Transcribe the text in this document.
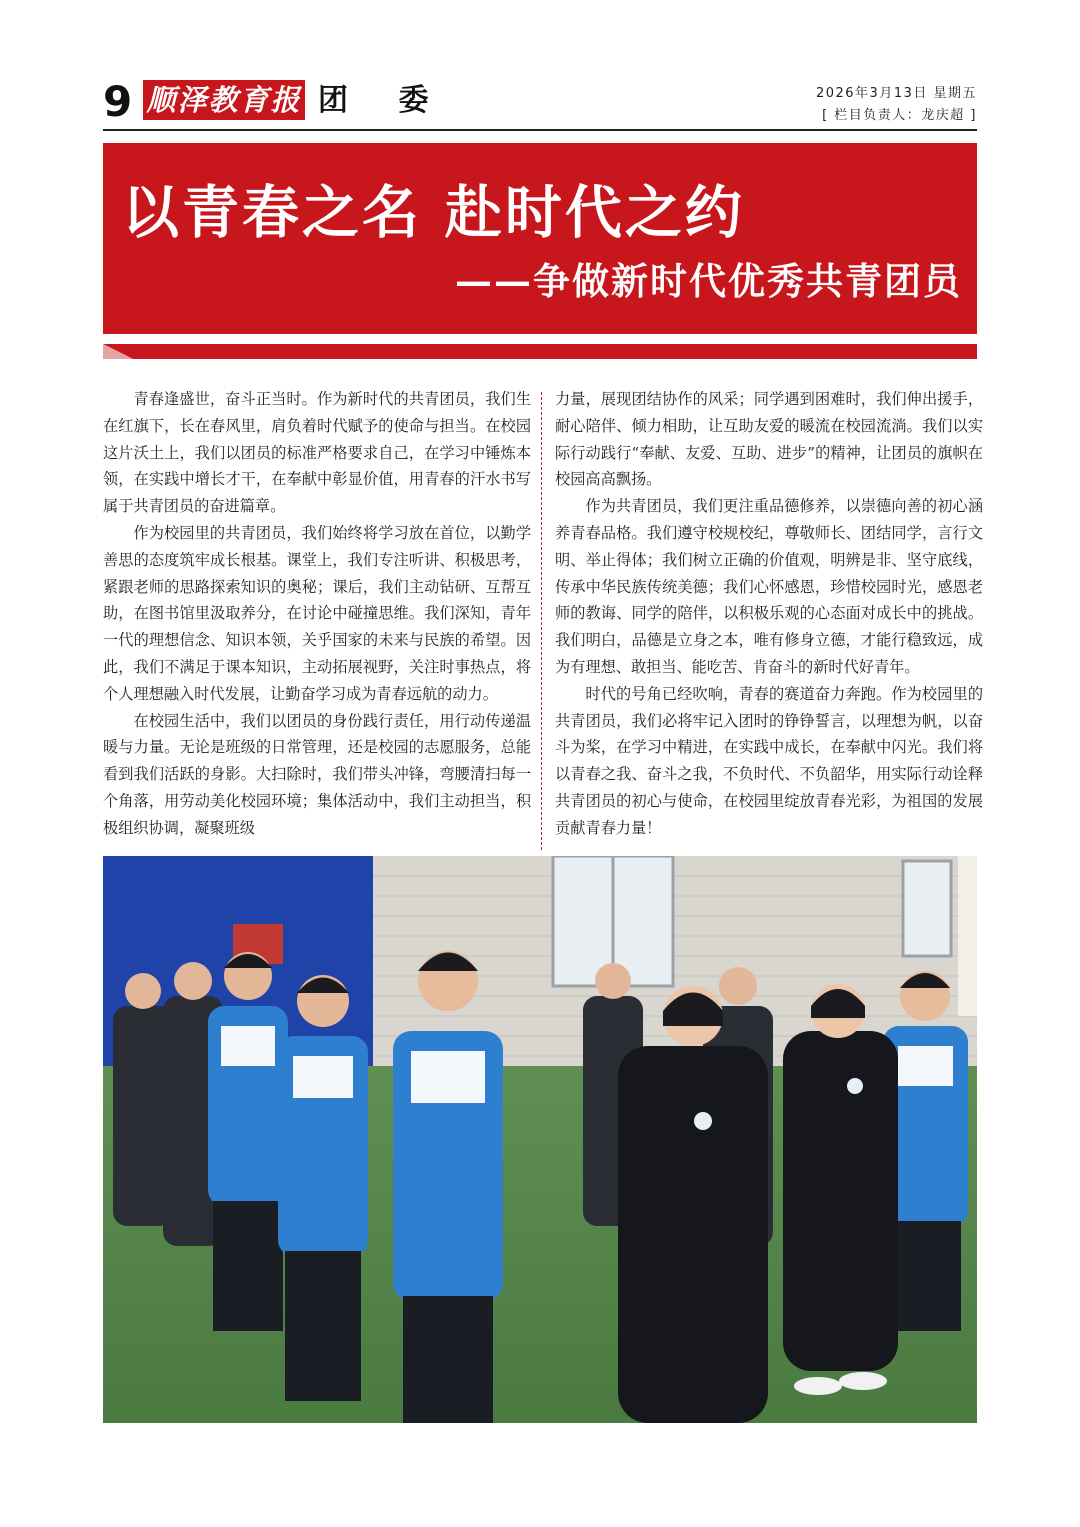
9 顺泽教育报 团 委	2026年3月13日 星期五
[ 栏目负责人：龙庆超 ]
以青春之名 赴时代之约
——争做新时代优秀共青团员

青春逢盛世，奋斗正当时。作为新时代的共青团员，我们生在红旗下，长在春风里，肩负着时代赋予的使命与担当。在校园这片沃土上，我们以团员的标准严格要求自己，在学习中锤炼本领，在实践中增长才干，在奉献中彰显价值，用青春的汗水书写属于共青团员的奋进篇章。

作为校园里的共青团员，我们始终将学习放在首位，以勤学善思的态度筑牢成长根基。课堂上，我们专注听讲、积极思考，紧跟老师的思路探索知识的奥秘；课后，我们主动钻研、互帮互助，在图书馆里汲取养分，在讨论中碰撞思维。我们深知，青年一代的理想信念、知识本领，关乎国家的未来与民族的希望。因此，我们不满足于课本知识，主动拓展视野，关注时事热点，将个人理想融入时代发展，让勤奋学习成为青春远航的动力。

在校园生活中，我们以团员的身份践行责任，用行动传递温暖与力量。无论是班级的日常管理，还是校园的志愿服务，总能看到我们活跃的身影。大扫除时，我们带头冲锋，弯腰清扫每一个角落，用劳动美化校园环境；集体活动中，我们主动担当，积极组织协调，凝聚班级

力量，展现团结协作的风采；同学遇到困难时，我们伸出援手，耐心陪伴、倾力相助，让互助友爱的暖流在校园流淌。我们以实际行动践行“奉献、友爱、互助、进步”的精神，让团员的旗帜在校园高高飘扬。

作为共青团员，我们更注重品德修养，以崇德向善的初心涵养青春品格。我们遵守校规校纪，尊敬师长、团结同学，言行文明、举止得体；我们树立正确的价值观，明辨是非、坚守底线，传承中华民族传统美德；我们心怀感恩，珍惜校园时光，感恩老师的教诲、同学的陪伴，以积极乐观的心态面对成长中的挑战。我们明白，品德是立身之本，唯有修身立德，才能行稳致远，成为有理想、敢担当、能吃苦、肯奋斗的新时代好青年。

时代的号角已经吹响，青春的赛道奋力奔跑。作为校园里的共青团员，我们必将牢记入团时的铮铮誓言，以理想为帆，以奋斗为桨，在学习中精进，在实践中成长，在奉献中闪光。我们将以青春之我、奋斗之我，不负时代、不负韶华，用实际行动诠释共青团员的初心与使命，在校园里绽放青春光彩，为祖国的发展贡献青春力量！
